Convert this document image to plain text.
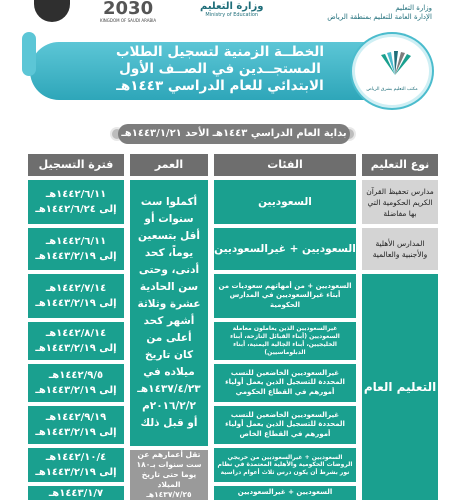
وزارة التعليم
الإدارة العامة للتعليم بمنطقة الرياض
وزارة التعليم
Ministry of Education
2030
KINGDOM OF SAUDI ARABIA
الخطــة الزمنية لتسجيل الطلاب
المستجــدين في الصــف الأول
الابتدائي للعام الدراسي ١٤٤٣هـ	مكتب التعليم بشرق الرياض
بداية العام الدراسي ١٤٤٣هـ الأحد ١٤٤٣/١/٢١هـ
نوع التعليم
الفئات
العمر
فترة التسجيل
مدارس تحفيظ القرآن الكريم الحكومية التي بها مفاضلة
المدارس الأهلية والأجنبية والعالمية
التعليم العام
السعوديين
السعوديين + غيرالسعوديين
السعوديين + من أمهاتهم سعوديات من أبناء غيرالسعوديين في المدارس الحكومية
غيرالسعوديين الذين يعاملون معاملة السعوديين (أبناء القبائل النازحة، أبناء الخليجيين، أبناء الجالية اليمنية، أبناء الدبلوماسيين)
غيرالسعوديين الخاضعين للنسب المحددة للتسجيل الذين يعمل أولياء أمورهم في القطاع الحكومي
غيرالسعوديين الخاضعين للنسب المحددة للتسجيل الذين يعمل أولياء أمورهم في القطاع الخاص
السعوديين + غيرالسعوديين من خريجي الروضات الحكومية والأهلية المعتمدة في نظام نور بشرط أن يكون درس ثلاث أعوام دراسية
السعوديين + غيرالسعوديين
أكملوا ست سنوات أو أقل بتسعين يوماً، كحد أدنى، وحتى سن الحادية عشرة وثلاثة أشهر كحد أعلى من كان تاريخ ميلاده في ١٤٣٧/٤/٢٣هـ ٢٠١٦/٢/٢م أو قبل ذلك
تقل أعمارهم عن ست سنوات بـ١٨٠ يوما حتى تاريخ الميلاد ١٤٣٧/٧/٢٥هـ
١٤٤٢/٦/١١هـ
إلى ١٤٤٢/٦/٢٤هـ
١٤٤٢/٦/١١هـ
إلى ١٤٤٣/٢/١٩هـ
١٤٤٢/٧/١٤هـ
إلى ١٤٤٣/٢/١٩هـ
١٤٤٢/٨/١٤هـ
إلى ١٤٤٣/٢/١٩هـ
١٤٤٢/٩/٥هـ
إلى ١٤٤٣/٢/١٩هـ
١٤٤٢/٩/١٩هـ
إلى ١٤٤٣/٢/١٩هـ
١٤٤٢/١٠/٤هـ
إلى ١٤٤٣/٢/١٩هـ
١٤٤٣/١/٧هـ
